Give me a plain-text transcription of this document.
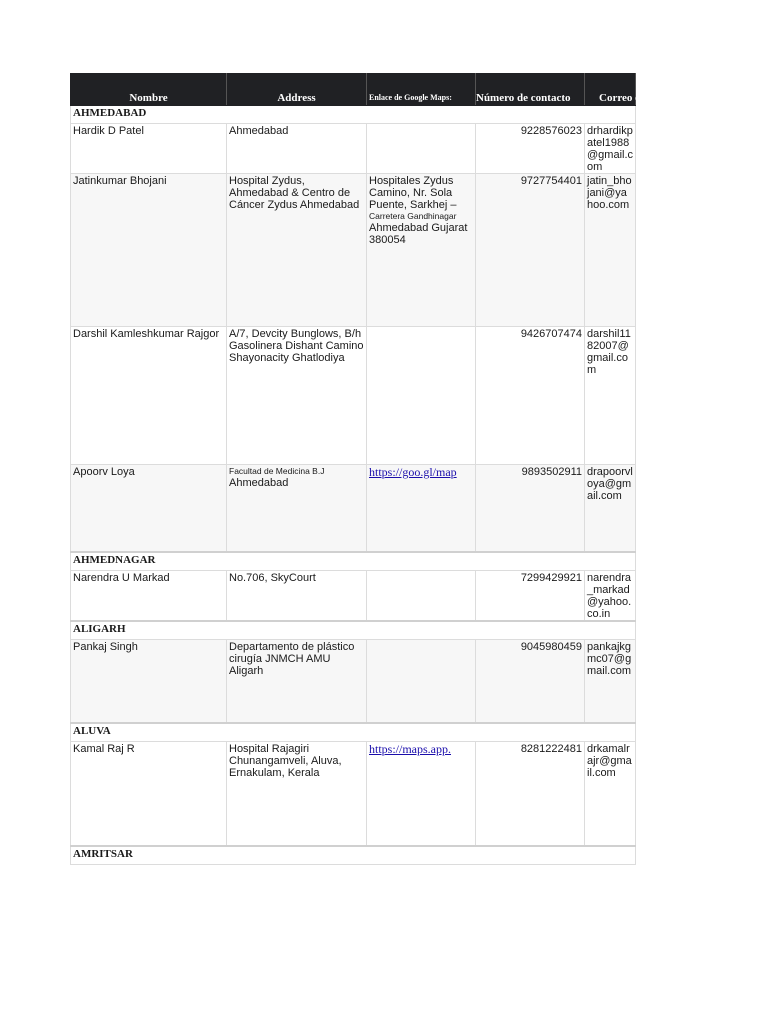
Nombre	Address	Enlace de Google Maps:	Número de contacto	Correo el
AHMEDABAD				
Hardik D Patel	Ahmedabad		9228576023	drhardikpatel1988@gmail.com
Jatinkumar Bhojani	Hospital Zydus, Ahmedabad & Centro de Cáncer Zydus Ahmedabad	Hospitales Zydus Camino, Nr. Sola Puente, Sarkhej –
Carretera Gandhinagar
Ahmedabad Gujarat 380054	9727754401	jatin_bhojani@yahoo.com
Darshil Kamleshkumar Rajgor	A/7, Devcity Bunglows, B/h Gasolinera Dishant Camino Shayonacity Ghatlodiya		9426707474	darshil1182007@gmail.com
Apoorv Loya	Facultad de Medicina B.J
Ahmedabad	https://goo.gl/map	9893502911	drapoorvloya@gmail.com
AHMEDNAGAR				
Narendra U Markad	No.706, SkyCourt		7299429921	narendra_markad@yahoo.co.in
ALIGARH				
Pankaj Singh	Departamento de plástico cirugía JNMCH AMU Aligarh		9045980459	pankajkgmc07@gmail.com
ALUVA				
Kamal Raj R	Hospital Rajagiri Chunangamveli, Aluva, Ernakulam, Kerala	https://maps.app.	8281222481	drkamalrajr@gmail.com
AMRITSAR				
